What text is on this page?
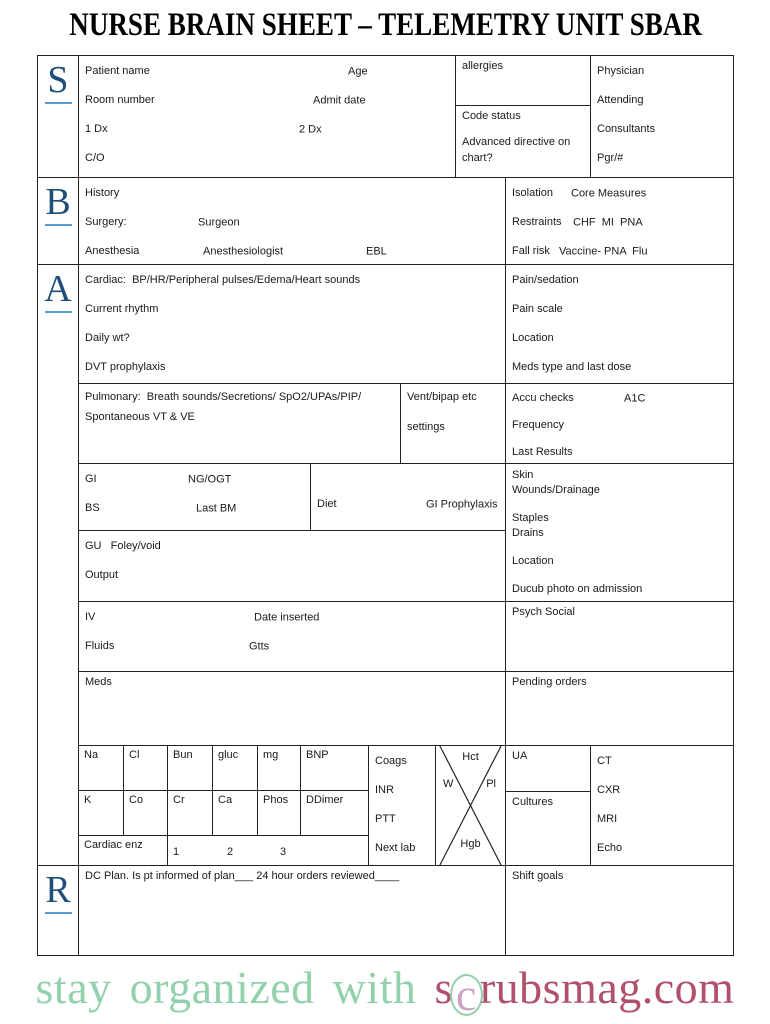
NURSE BRAIN SHEET – TELEMETRY UNIT SBAR
S Patient name	Age
Room number	Admit date
1 Dx	2 Dx
C/O
allergies
Code status
Advanced directive on chart?
Physician
Attending
Consultants
Pgr/#
B History
Surgery:	Surgeon
Anesthesia	Anesthesiologist	EBL
Isolation Core Measures
Restraints CHF  MI  PNA
Fall risk Vaccine- PNA  Flu
A Cardiac:  BP/HR/Peripheral pulses/Edema/Heart sounds
Current rhythm
Daily wt?
DVT prophylaxis
Pain/sedation
Pain scale
Location
Meds type and last dose
Pulmonary:  Breath sounds/Secretions/ SpO2/UPAs/PIP/
Spontaneous VT & VE
Vent/bipap etc
settings
Accu checks	A1C
Frequency
Last Results
GI	NG/OGT
BS	Last BM	Diet	GI Prophylaxis
GU   Foley/void
Output
Skin
Wounds/Drainage
Staples
Drains
Location
Ducub photo on admission
IV	Date inserted
Fluids	Gtts
Psych Social
Meds	Pending orders
Na	Cl	Bun	gluc	mg	BNP
K	Co	Cr	Ca	Phos	DDimer
Cardiac enz
1	2	3
Coags
INR
PTT
Next lab
Hct
W	Pl
Hgb
UA
Cultures
CT
CXR
MRI
Echo
R	DC Plan. Is pt informed of plan___ 24 hour orders reviewed____	Shift goals
stay organized with scrubsmag.com
